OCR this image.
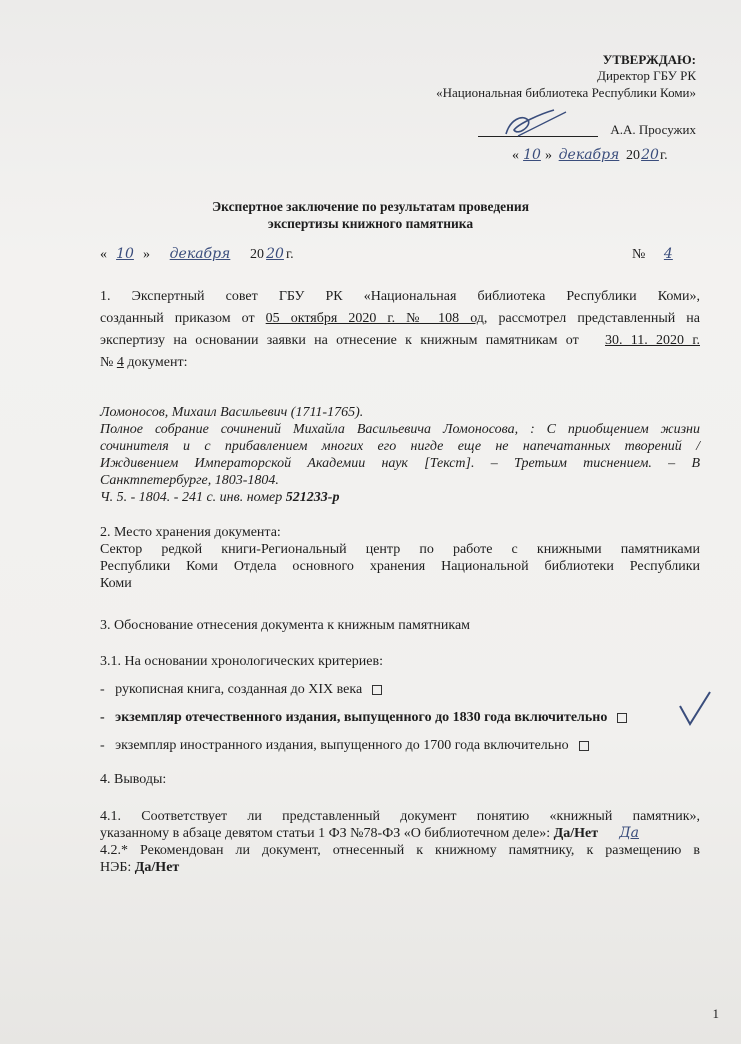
УТВЕРЖДАЮ:
Директор ГБУ РК
«Национальная библиотека Республики Коми»
А.А. Просужих
« 10 » декабря 2020г.
Экспертное заключение по результатам проведения
экспертизы книжного памятника
« 10 » декабря 20 20 г.	№ 4
1. Экспертный совет ГБУ РК «Национальная библиотека Республики Коми»,
созданный приказом от 05 октября 2020 г. № 108 од, рассмотрел представленный на
экспертизу на основании заявки на отнесение к книжным памятникам от 30. 11. 2020 г.
№ 4 документ:
Ломоносов, Михаил Васильевич (1711-1765).
Полное собрание сочинений Михайла Васильевича Ломоносова, : С приобщением жизни
сочинителя и с прибавлением многих его нигде еще не напечатанных творений /
Иждивением Императорской Академии наук [Текст]. – Третьим тиснением. – В
Санктпетербурге, 1803-1804.
Ч. 5. - 1804. - 241 с. инв. номер 521233-р
2. Место хранения документа:
Сектор редкой книги-Региональный центр по работе с книжными памятниками
Республики Коми Отдела основного хранения Национальной библиотеки Республики
Коми
3. Обоснование отнесения документа к книжным памятникам
3.1. На основании хронологических критериев:
- рукописная книга, созданная до XIX века
- экземпляр отечественного издания, выпущенного до 1830 года включительно
- экземпляр иностранного издания, выпущенного до 1700 года включительно
4. Выводы:
4.1. Соответствует ли представленный документ понятию «книжный памятник»,
указанному в абзаце девятом статьи 1 ФЗ №78-ФЗ «О библиотечном деле»: Да/Нет Да
4.2.* Рекомендован ли документ, отнесенный к книжному памятнику, к размещению в
НЭБ: Да/Нет
1
